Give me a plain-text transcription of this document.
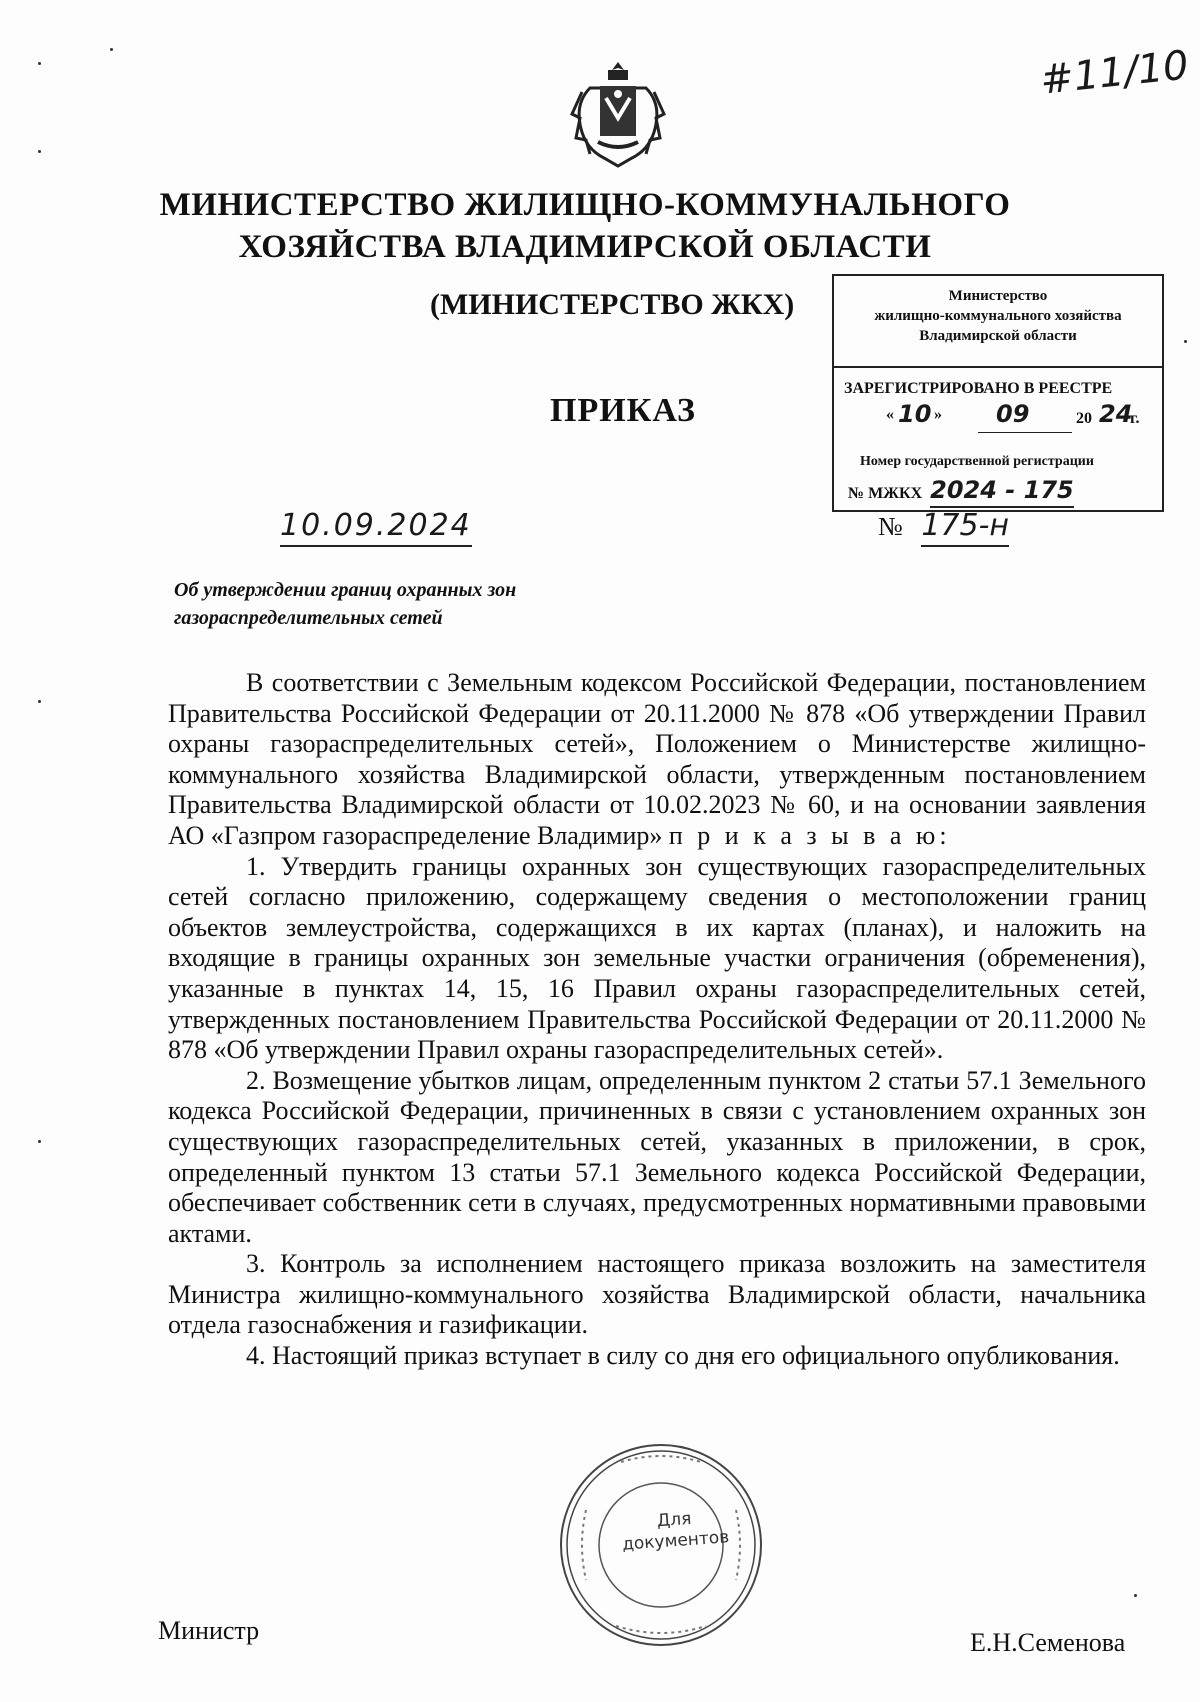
#11/10
МИНИСТЕРСТВО ЖИЛИЩНО-КОММУНАЛЬНОГО
ХОЗЯЙСТВА ВЛАДИМИРСКОЙ ОБЛАСТИ
(МИНИСТЕРСТВО ЖКХ)
ПРИКАЗ
Министерство
жилищно-коммунального хозяйства
Владимирской области
ЗАРЕГИСТРИРОВАНО В РЕЕСТРЕ
« 10 » 09	20 24
г.
Номер государственной регистрации
№ МЖКХ 2024 - 175
10.09.2024	№ 175-н
Об утверждении границ охранных зон
газораспределительных сетей

В соответствии с Земельным кодексом Российской Федерации, постановлением Правительства Российской Федерации от 20.11.2000 № 878 «Об утверждении Правил охраны газораспределительных сетей», Положением о Министерстве жилищно-коммунального хозяйства Владимирской области, утвержденным постановлением Правительства Владимирской области от 10.02.2023 № 60, и на основании заявления АО «Газпром газораспределение Владимир» п р и к а з ы в а ю:

1. Утвердить границы охранных зон существующих газораспределительных сетей согласно приложению, содержащему сведения о местоположении границ объектов землеустройства, содержащихся в их картах (планах), и наложить на входящие в границы охранных зон земельные участки ограничения (обременения), указанные в пунктах 14, 15, 16 Правил охраны газораспределительных сетей, утвержденных постановлением Правительства Российской Федерации от 20.11.2000 № 878 «Об утверждении Правил охраны газораспределительных сетей».

2. Возмещение убытков лицам, определенным пунктом 2 статьи 57.1 Земельного кодекса Российской Федерации, причиненных в связи с установлением охранных зон существующих газораспределительных сетей, указанных в приложении, в срок, определенный пунктом 13 статьи 57.1 Земельного кодекса Российской Федерации, обеспечивает собственник сети в случаях, предусмотренных нормативными правовыми актами.

3. Контроль за исполнением настоящего приказа возложить на заместителя Министра жилищно-коммунального хозяйства Владимирской области, начальника отдела газоснабжения и газификации.

4. Настоящий приказ вступает в силу со дня его официального опубликования.

Для
документов
Министр	Е.Н.Семенова
